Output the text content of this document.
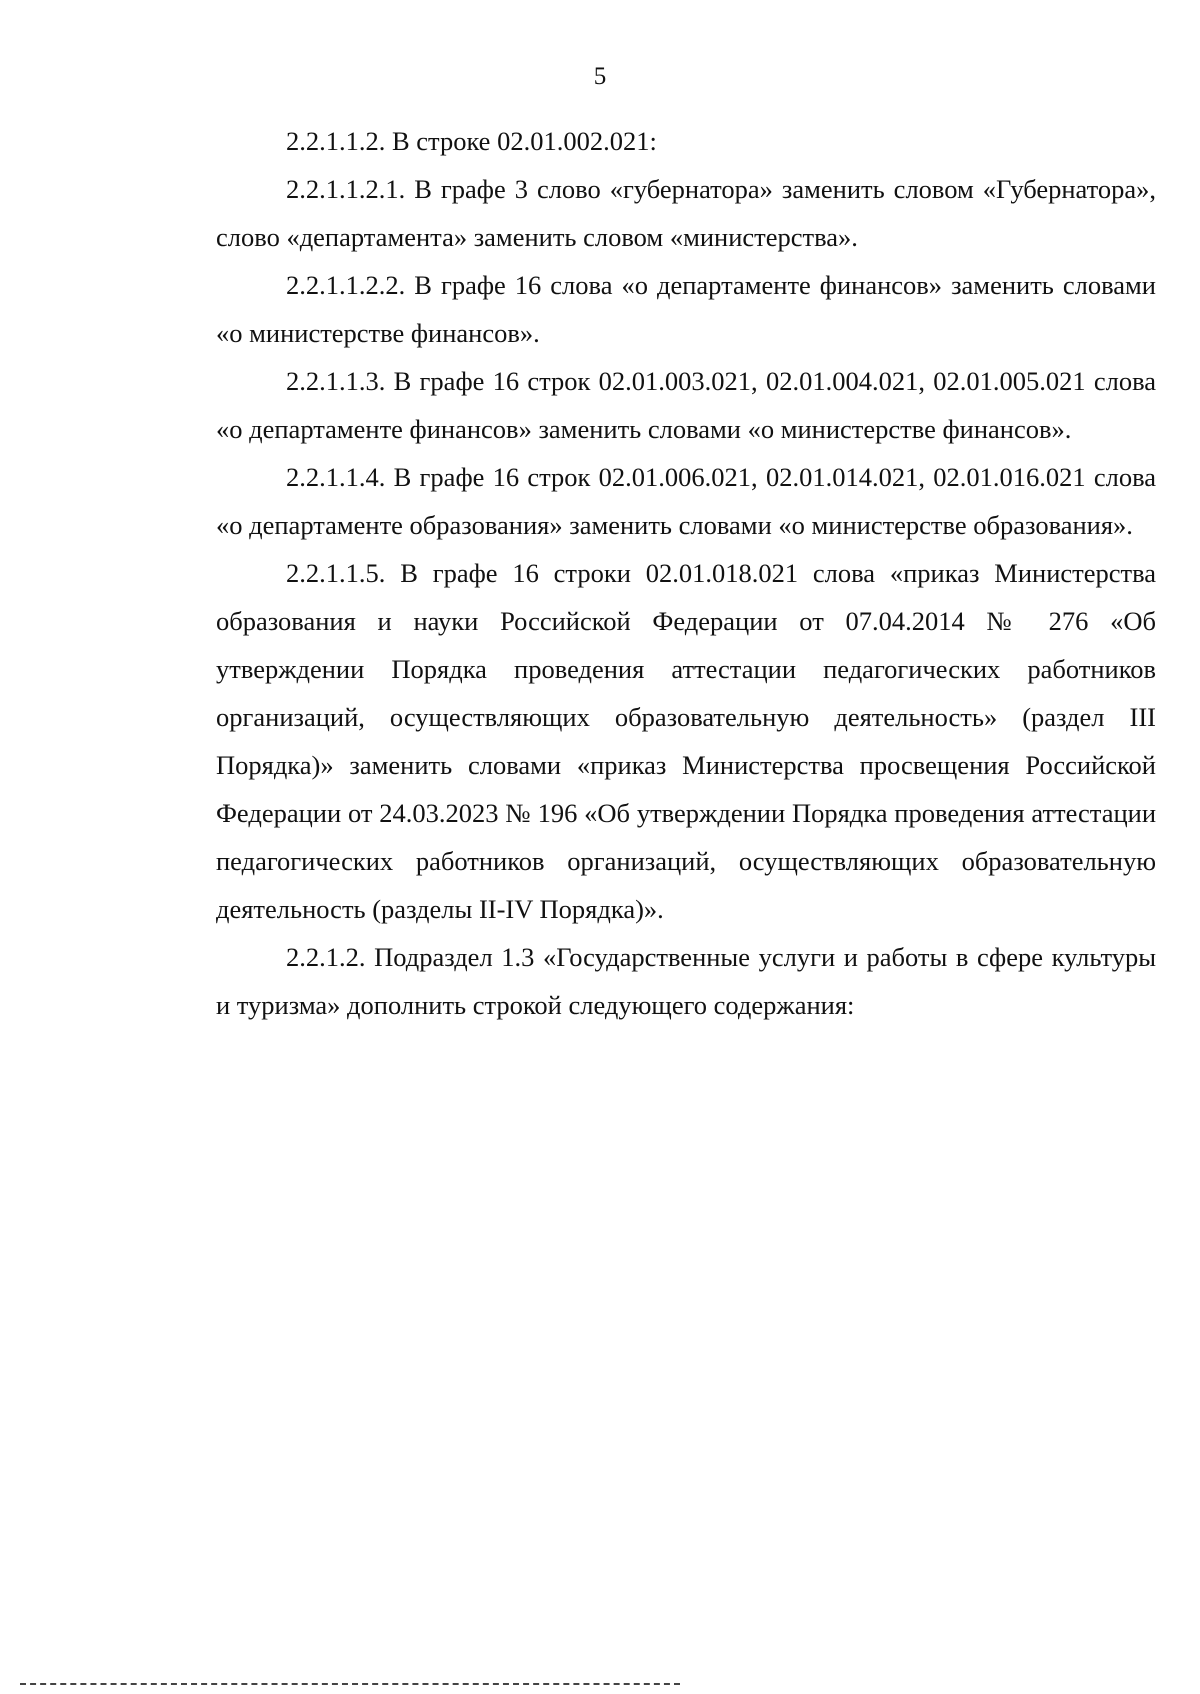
5

2.2.1.1.2. В строке 02.01.002.021:

2.2.1.1.2.1. В графе 3 слово «губернатора» заменить словом «Губернатора», слово «департамента» заменить словом «министерства».

2.2.1.1.2.2. В графе 16 слова «о департаменте финансов» заменить словами «о министерстве финансов».

2.2.1.1.3. В графе 16 строк 02.01.003.021, 02.01.004.021, 02.01.005.021 слова «о департаменте финансов» заменить словами «о министерстве финансов».

2.2.1.1.4. В графе 16 строк 02.01.006.021, 02.01.014.021, 02.01.016.021 слова «о департаменте образования» заменить словами «о министерстве образования».

2.2.1.1.5. В графе 16 строки 02.01.018.021 слова «приказ Министерства образования и науки Российской Федерации от 07.04.2014 № 276 «Об утверждении Порядка проведения аттестации педагогических работников организаций, осуществляющих образовательную деятельность» (раздел III Порядка)» заменить словами «приказ Министерства просвещения Российской Федерации от 24.03.2023 № 196 «Об утверждении Порядка проведения аттестации педагогических работников организаций, осуществляющих образовательную деятельность (разделы II-IV Порядка)».

2.2.1.2. Подраздел 1.3 «Государственные услуги и работы в сфере культуры и туризма» дополнить строкой следующего содержания:
